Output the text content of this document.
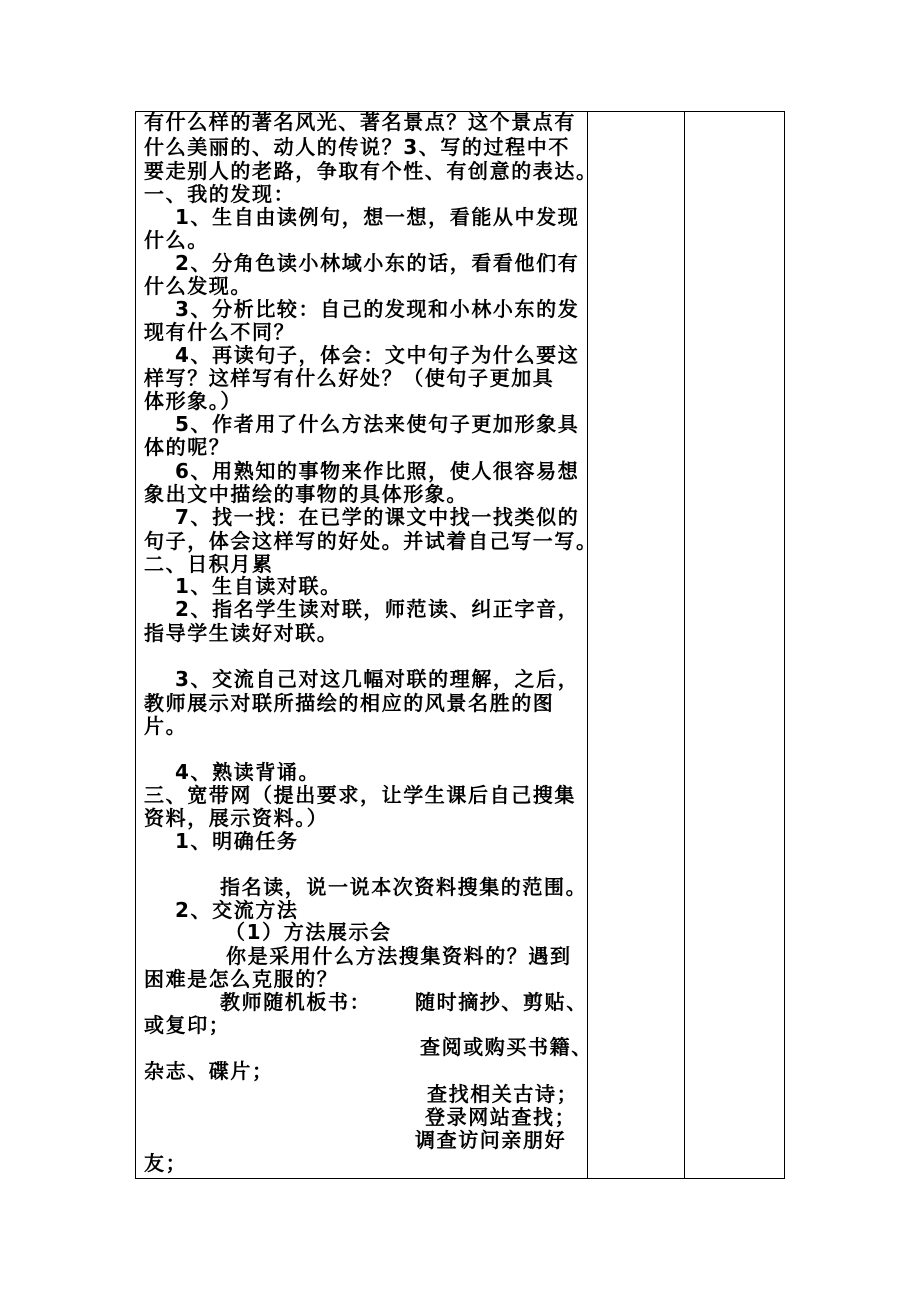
有什么样的著名风光、著名景点？这个景点有
什么美丽的、动人的传说？3、写的过程中不
要走别人的老路，争取有个性、有创意的表达。
一、我的发现：
1、生自由读例句，想一想，看能从中发现
什么。
2、分角色读小林域小东的话，看看他们有
什么发现。
3、分析比较：自己的发现和小林小东的发
现有什么不同？
4、再读句子，体会：文中句子为什么要这
样写？这样写有什么好处？（使句子更加具
体形象。）
5、作者用了什么方法来使句子更加形象具
体的呢？
6、用熟知的事物来作比照，使人很容易想
象出文中描绘的事物的具体形象。
7、找一找：在已学的课文中找一找类似的
句子，体会这样写的好处。并试着自己写一写。
二、日积月累
1、生自读对联。
2、指名学生读对联，师范读、纠正字音，
指导学生读好对联。
3、交流自己对这几幅对联的理解，之后，
教师展示对联所描绘的相应的风景名胜的图
片。
4、熟读背诵。
三、宽带网（提出要求，让学生课后自己搜集
资料，展示资料。）
1、明确任务
指名读，说一说本次资料搜集的范围。
2、交流方法
（1）方法展示会
你是采用什么方法搜集资料的？遇到
困难是怎么克服的？
教师随机板书： 随时摘抄、剪贴、
或复印；
查阅或购买书籍、
杂志、碟片；
查找相关古诗；
登录网站查找；
调查访问亲朋好
友；
